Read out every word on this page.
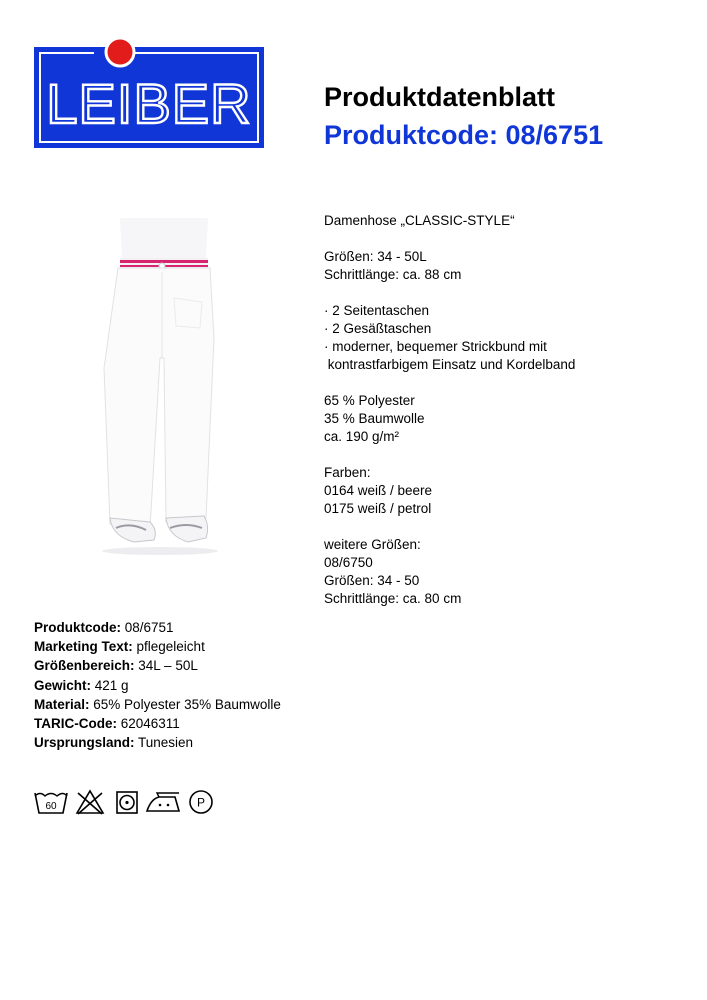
LEIBER	Produktdatenblatt
Produktcode: 08/6751
Damenhose „CLASSIC-STYLE“
Größen: 34 - 50L
Schrittlänge: ca. 88 cm
· 2 Seitentaschen
· 2 Gesäßtaschen
· moderner, bequemer Strickbund mit
kontrastfarbigem Einsatz und Kordelband
65 % Polyester
35 % Baumwolle
ca. 190 g/m²
Farben:
0164 weiß / beere
0175 weiß / petrol
weitere Größen:
08/6750
Größen: 34 - 50
Schrittlänge: ca. 80 cm
Produktcode: 08/6751
Marketing Text: pflegeleicht
Größenbereich: 34L – 50L
Gewicht: 421 g
Material: 65% Polyester 35% Baumwolle
TARIC-Code: 62046311
Ursprungsland: Tunesien
60	P
